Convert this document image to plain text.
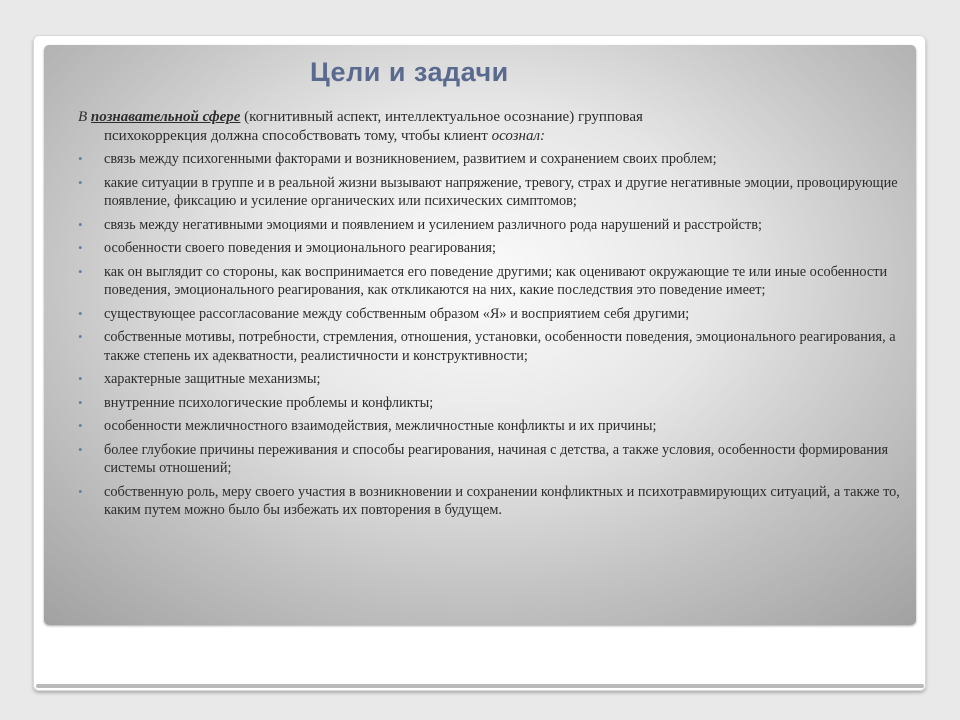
Цели и задачи

В познавательной сфере (когнитивный аспект, интеллектуальное осознание) групповая
психокоррекция должна способствовать тому, чтобы клиент осознал:

• связь между психогенными факторами и возникновением, развитием и сохранением своих проблем;
• какие ситуации в группе и в реальной жизни вызывают напряжение, тревогу, страх и другие негативные эмоции, провоцирующие появление, фиксацию и усиление органических или психических симптомов;
• связь между негативными эмоциями и появлением и усилением различного рода нарушений и расстройств;
• особенности своего поведения и эмоционального реагирования;
• как он выглядит со стороны, как воспринимается его поведение другими; как оценивают окружающие те или иные особенности поведения, эмоционального реагирования, как откликаются на них, какие последствия это поведение имеет;
• существующее рассогласование между собственным образом «Я» и восприятием себя другими;
• собственные мотивы, потребности, стремления, отношения, установки, особенности поведения, эмоционального реагирования, а также степень их адекватности, реалистичности и конструктивности;
• характерные защитные механизмы;
• внутренние психологические проблемы и конфликты;
• особенности межличностного взаимодействия, межличностные конфликты и их причины;
• более глубокие причины переживания и способы реагирования, начиная с детства, а также условия, особенности формирования системы отношений;
• собственную роль, меру своего участия в возникновении и сохранении конфликтных и психотравмирующих ситуаций, а также то, каким путем можно было бы избежать их повторения в будущем.
